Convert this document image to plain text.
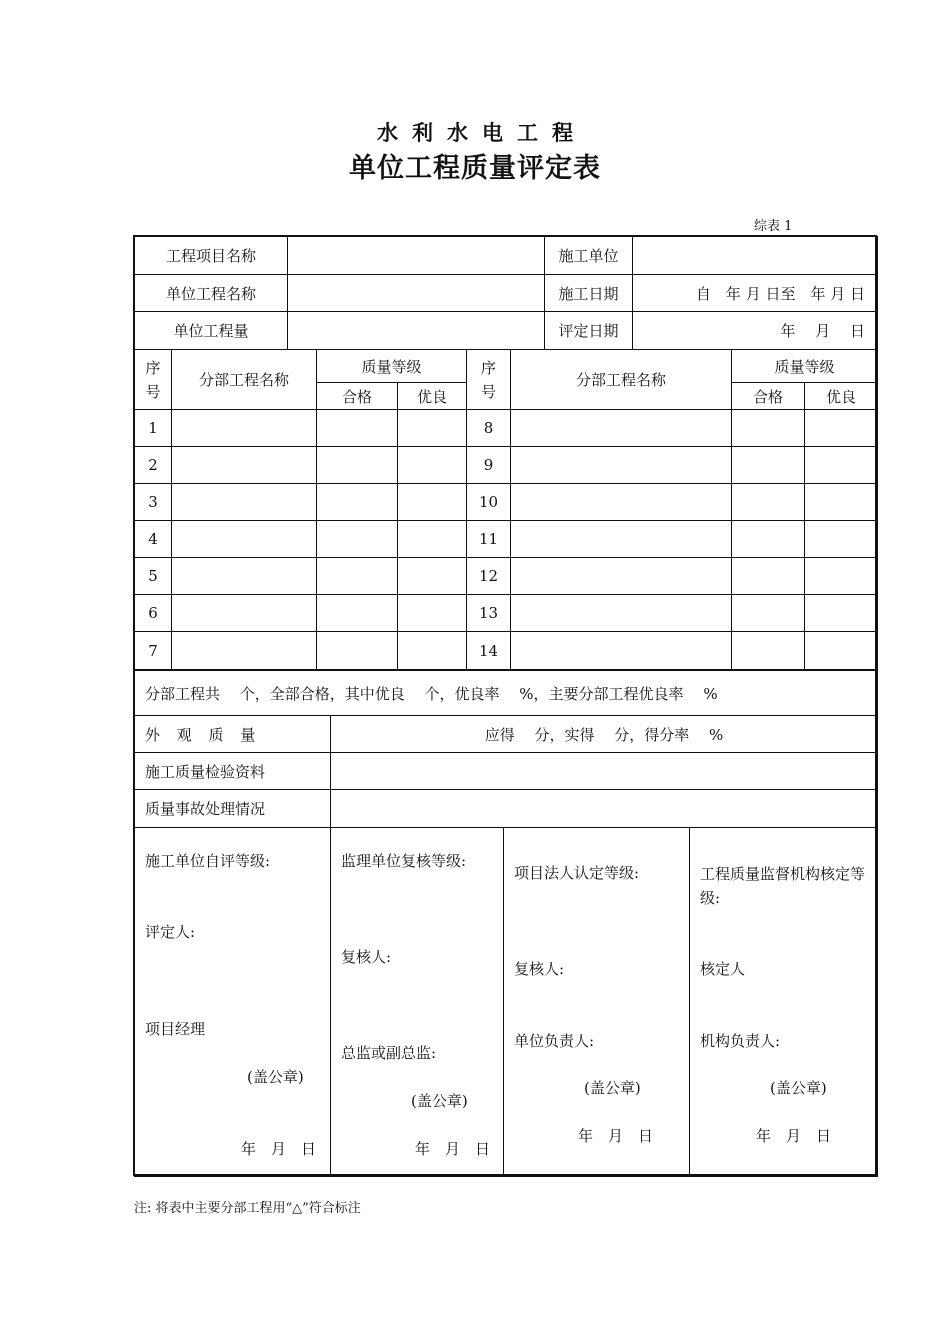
水利水电工程
单位工程质量评定表
综表 1
工程项目名称		施工单位	
单位工程名称		施工日期	自　年 月 日至　年 月 日
单位工程量		评定日期	年　 月　 日
序号	分部工程名称	质量等级		序号	分部工程名称	质量等级	
		合格	优良			合格	优良
1				8			
2				9			
3				10			
4				11			
5				12			
6				13			
7				14			
分部工程共　 个，全部合格，其中优良　 个，优良率　 %，主要分部工程优良率　 %	
外 观 质 量	应得　 分，实得　 分，得分率　 %
施工质量检验资料	
质量事故处理情况	
施工单位自评等级:
评定人:
项目经理
(盖公章)
年　月　日

监理单位复核等级:
复核人:
总监或副总监:
(盖公章)
年　月　日

项目法人认定等级:
复核人:
单位负责人:
(盖公章)
年　月　日

工程质量监督机构核定等级:
核定人
机构负责人:
(盖公章)
年　月　日
注: 将表中主要分部工程用“△”符合标注
